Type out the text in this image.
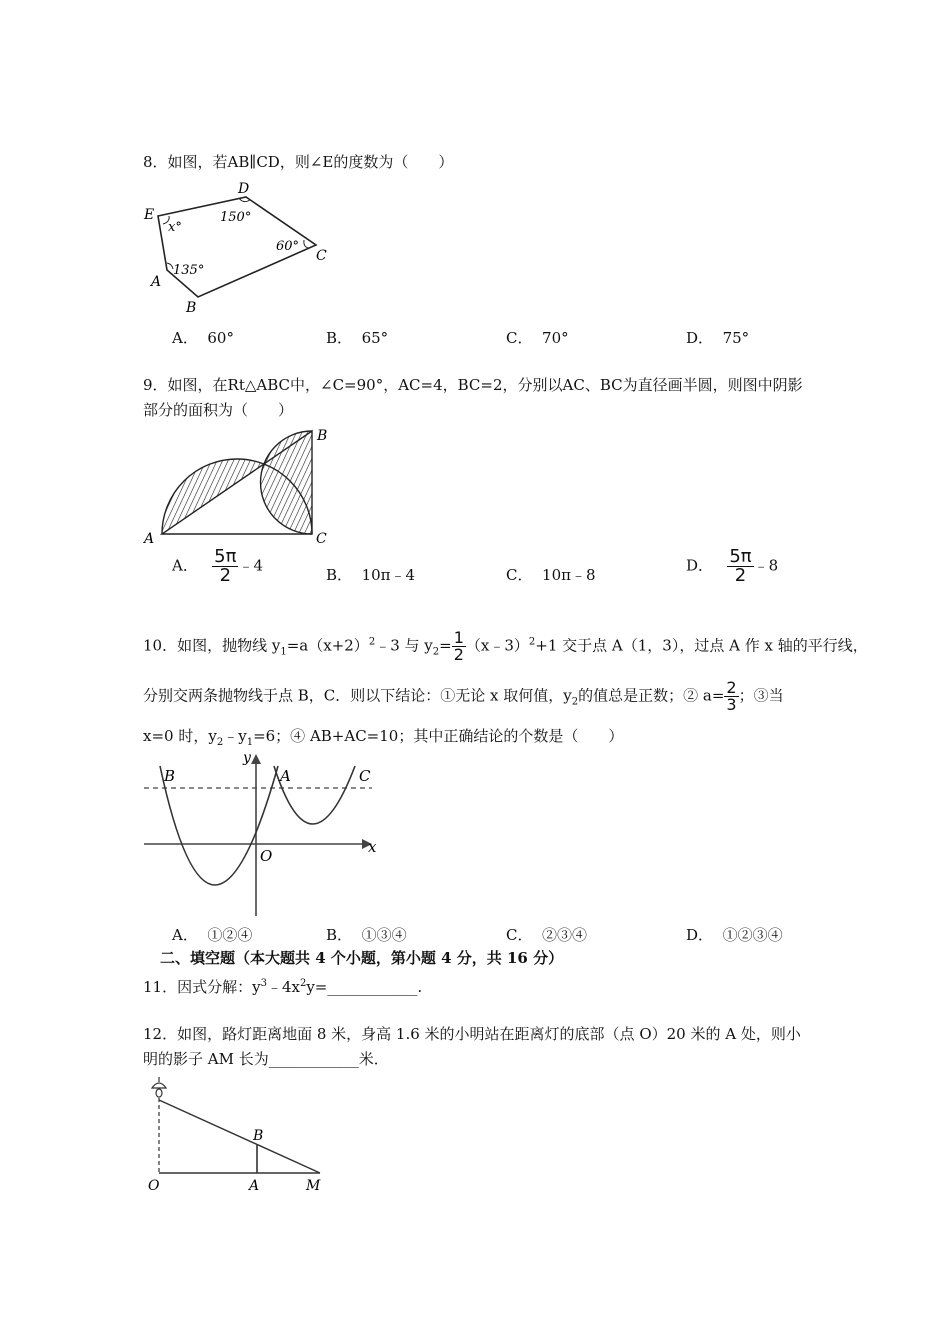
8．如图，若AB∥CD，则∠E的度数为（　　）
E
D
C
A
B
x°
150°
60°
135°
A． 60°	B． 65°	C． 70°	D． 75°
9．如图，在Rt△ABC中，∠C=90°，AC=4，BC=2，分别以AC、BC为直径画半圆，则图中阴影
部分的面积为（　　）
B
A	C
A． $\frac{5\pi}{2}$ ﹣4
B． 10π﹣4	C． 10π﹣8
D． $\frac{5\pi}{2}$ ﹣8
10．如图，抛物线 $y_1=a(x+2)^2﹣3$ 与 $y_2= \frac{1}{2}$ （x﹣3）$^2$+1 交于点 A（1，3），过点 A 作 x 轴的平行线，
分别交两条抛物线于点 B，C．则以下结论：①无论 x 取何值，$y_2$的值总是正数；② $a= \frac{2}{3}$ ；③当
x=0 时，$y_2﹣y_1=6$；④ AB+AC=10；其中正确结论的个数是（　　）
y
B	A	C
O	x
A． ①②④	B． ①③④	C． ②③④	D． ①②③④
二、填空题（本大题共 4 个小题，第小题 4 分，共 16 分）
11．因式分解：$y^3﹣4x^2y=\_\_\_\_\_\_\_\_\_\_\_\_$.
12．如图，路灯距离地面 8 米，身高 1.6 米的小明站在距离灯的底部（点 O）20 米的 A 处，则小
明的影子 AM 长为____________米．
B
O	A	M
